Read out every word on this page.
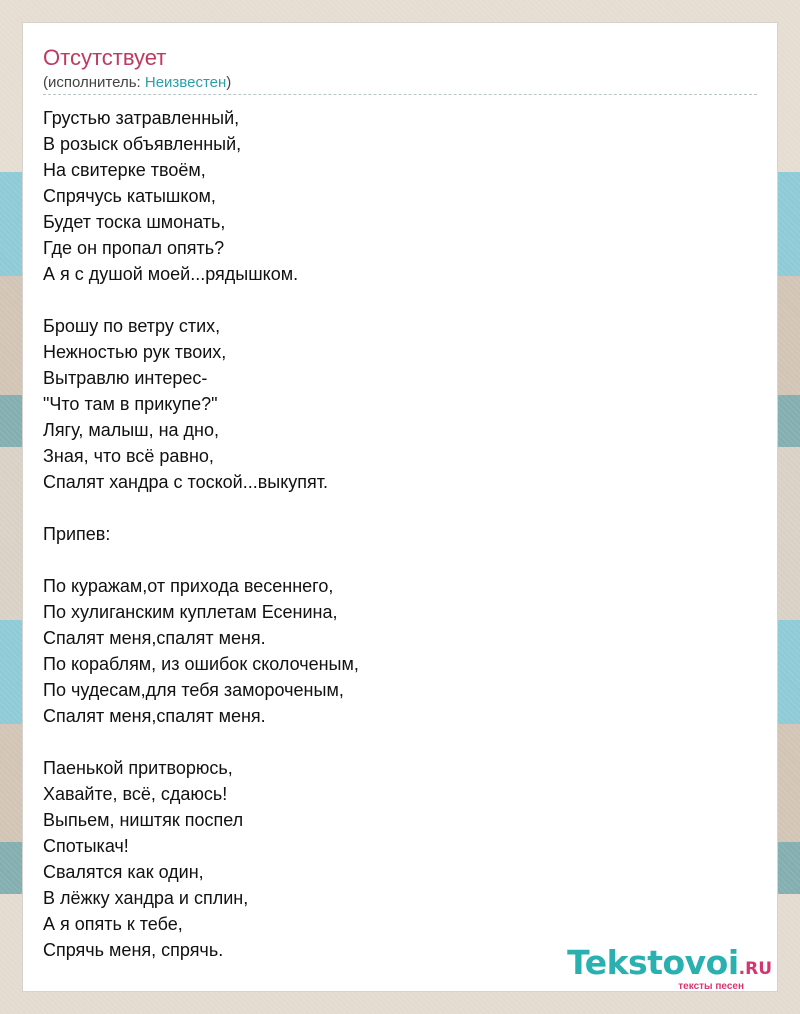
Отсутствует
(исполнитель: Неизвестен)
Грустью затравленный,
В розыск объявленный,
На свитерке твоём,
Спрячусь катышком,
Будет тоска шмонать,
Где он пропал опять?
А я с душой моей...рядышком.
Брошу по ветру стих,
Нежностью рук твоих,
Вытравлю интерес-
"Что там в прикупе?"
Лягу, малыш, на дно,
Зная, что всё равно,
Спалят хандра с тоской...выкупят.
Припев:
По куражам,от прихода весеннего,
По хулиганским куплетам Есенина,
Спалят меня,спалят меня.
По кораблям, из ошибок сколоченым,
По чудесам,для тебя замороченым,
Спалят меня,спалят меня.
Паенькой притворюсь,
Хавайте, всё, сдаюсь!
Выпьем, ништяк поспел
Спотыкач!
Свалятся как один,
В лёжку хандра и сплин,
А я опять к тебе,
Спрячь меня, спрячь.	Tekstovoi.RU
тексты песен
